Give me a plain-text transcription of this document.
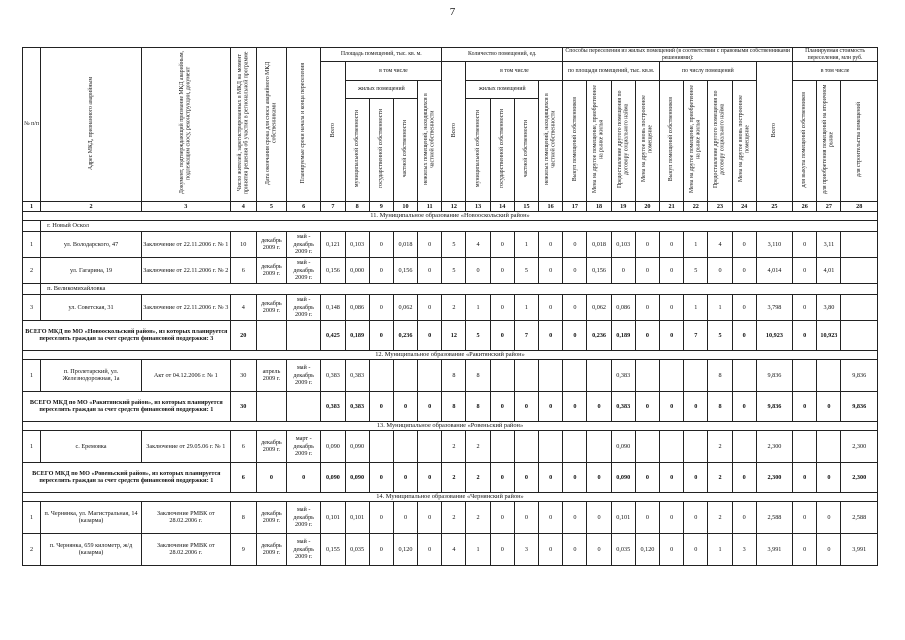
7
№ п/п	Адрес МКД, признанного аварийным	Документ, подтверждающий признание МКД аварийным, подлежащим сносу, реконструкции, документ	Число жителей, зарегистрированных в МКД на момент принятия решения об участии в региональной программе	Дата окончания срока для сноса аварийного МКД собственниками	Планируемые сроки начала и конца переселения	Площадь помещений, тыс. кв. м.					Количество помещений, ед.					Способы переселения из жилых помещений (в соответствии с правовыми собственниками решениями):									Планируемая стоимость переселения, млн руб.		
						Всего	в том числе				Всего	в том числе				по площади помещений, тыс. кв.м.				по числу помещений				Всего	в том числе		
							жилых помещений			нежилых помещений, находящихся в частной собственности		жилых помещений			нежилых помещений, находящихся в частной собственности	Выкуп помещений собственников	Мена на другое помещение, приобретенное на рынке жилья	Предоставление другого помещения по договору социального найма	Мена на другое вновь построенное помещение	Выкуп помещений собственников	Мена на другое помещение, приобретенное на рынке жилья	Предоставление другого помещения по договору социального найма	Мена на другое вновь построенное помещение		для выкупа помещений собственников	для приобретения помещений на вторичном рынке	для строительства помещений
							муниципальной собственности	государственной собственности	частной собственности			муниципальной собственности	государственной собственности	частной собственности													
1	2	3	4	5	6	7	8	9	10	11	12	13	14	15	16	17	18	19	20	21	22	23	24	25	26	27	28
11. Муниципальное образование «Новооскольский район»																											
	г. Новый Оскол																										
1	ул. Володарского, 47	Заключение от 22.11.2006 г. № 1	10	декабрь 2009 г.	май - декабрь 2009 г.	0,121	0,103	0	0,018	0	5	4	0	1	0	0	0,018	0,103	0	0	1	4	0	3,110	0	3,11	
2	ул. Гагарина, 19	Заключение от 22.11.2006 г. № 2	6	декабрь 2009 г.	май - декабрь 2009 г.	0,156	0,000	0	0,156	0	5	0	0	5	0	0	0,156	0	0	0	5	0	0	4,014	0	4,01	
	п. Великомихайловка																										
3	ул. Советская, 31	Заключение от 22.11.2006 г. № 3	4	декабрь 2009 г.	май - декабрь 2009 г.	0,148	0,086	0	0,062	0	2	1	0	1	0	0	0,062	0,086	0	0	1	1	0	3,798	0	3,80	
ВСЕГО МКД по МО «Новооскольский район», из которых планируется переселить граждан за счет средств финансовой поддержки: 3			20			0,425	0,189	0	0,236	0	12	5	0	7	0	0	0,236	0,189	0	0	7	5	0	10,923	0	10,923	
12. Муниципальное образование «Ракитянский район»																											
1	п. Пролетарский, ул. Железнодорожная, 1а	Акт от 04.12.2006 г. № 1	30	апрель 2009 г.	май - декабрь 2009 г.	0,383	0,383				8	8						0,383				8		9,836			9,836
ВСЕГО МКД по МО «Ракитянский район», из которых планируется переселить граждан за счет средств финансовой поддержки: 1			30			0,383	0,383	0	0	0	8	8	0	0	0	0	0	0,383	0	0	0	8	0	9,836	0	0	9,836
13. Муниципальное образование «Ровеньский район»																											
1	с. Еремовка	Заключение от 29.05.06 г. № 1	6	декабрь 2009 г.	март - декабрь 2009 г.	0,090	0,090				2	2						0,090				2		2,300			2,300
ВСЕГО МКД по МО «Ровеньский район», из которых планируется переселить граждан за счет средств финансовой поддержки: 1			6	0	0	0,090	0,090	0	0	0	2	2	0	0	0	0	0	0,090	0	0	0	2	0	2,300	0	0	2,300
14. Муниципальное образование «Чернянский район»																											
1	п. Чернянка, ул. Магистральная, 14 (казарма)	Заключение РМВК от 28.02.2006 г.	8	декабрь 2009 г.	май - декабрь 2009 г.	0,101	0,101	0	0	0	2	2	0	0	0	0	0	0,101	0	0	0	2	0	2,588	0	0	2,588
2	п. Чернянка, 659 километр, ж/д (казарма)	Заключение РМВК от 28.02.2006 г.	9	декабрь 2009 г.	май - декабрь 2009 г.	0,155	0,035	0	0,120	0	4	1	0	3	0	0	0	0,035	0,120	0	0	1	3	3,991	0	0	3,991
